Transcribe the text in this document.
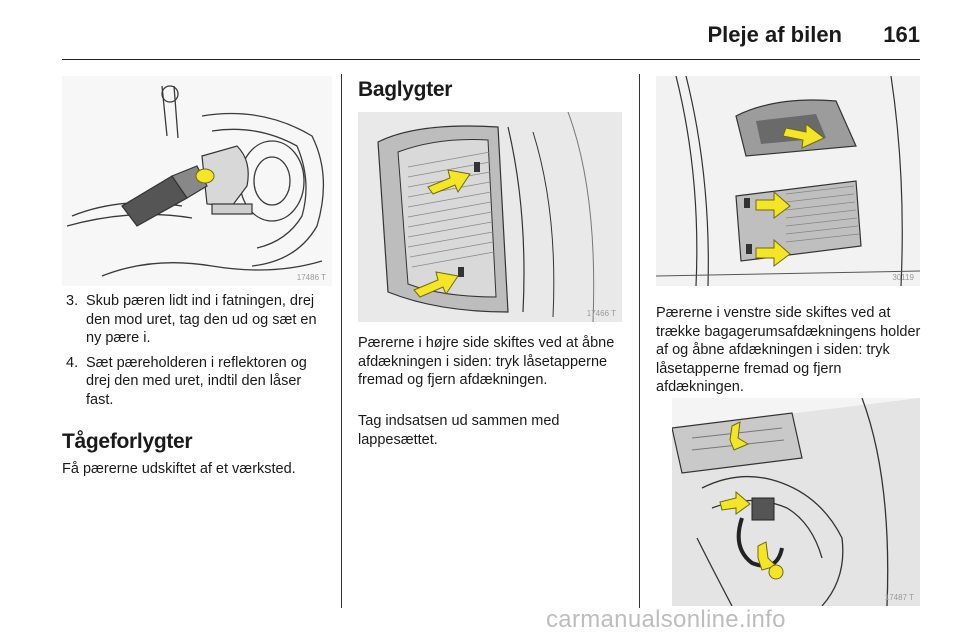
Pleje af bilen 161
17486 T
3. Skub pæren lidt ind i fatningen, drej den mod uret, tag den ud og sæt en ny pære i.
4. Sæt pæreholderen i reflektoren og drej den med uret, indtil den låser fast.
Tågeforlygter

Få pærerne udskiftet af et værksted.

Baglygter
17466 T

Pærerne i højre side skiftes ved at åbne afdækningen i siden: tryk låsetapperne fremad og fjern afdækningen.

Tag indsatsen ud sammen med lappesættet.

30119

Pærerne i venstre side skiftes ved at trække bagagerumsafdækningens holder af og åbne afdækningen i siden: tryk låsetapperne fremad og fjern afdækningen.

17487 T
carmanualsonline.info
